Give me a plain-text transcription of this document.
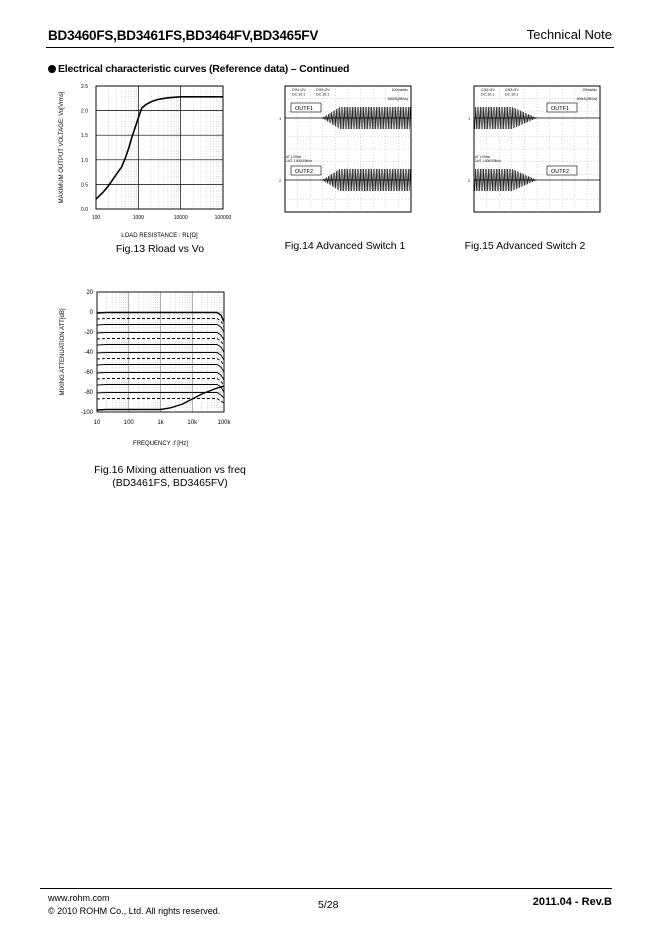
BD3460FS,BD3461FS,BD3464FV,BD3465FV	Technical Note
Electrical characteristic curves (Reference data) – Continued
0.0
0.5
1.0
1.5
2.0
2.5
100	1000	10000	100000
LOAD RESISTANCE : RL[Ω]
MAXIMUM OUTPUT VOLTAGE: Vo[Vrms]
Fig.13 Rload vs Vo
CH1=2V DC 10:1
CH2=2V DC 10:1
100ms/div
500kS(2MS/s)
OUTF1
dT 1.00ms 1/dT 1.000000kHz
OUTF2
1
2
Fig.14 Advanced Switch 1
CH1=2V DC 10:1
CH2=2V DC 10:1
20ms/div
500kS(2MS/s)
OUTF1
dT 1.00ms 1/dT 1.000000kHz
OUTF2
1
2
Fig.15 Advanced Switch 2
20
0
-20
-40
-60
-80
-100
10	100	1k	10k	100k
FREQUENCY :f [Hz]
MIXING ATTENUATION ATT[dB]
Fig.16 Mixing attenuation vs freq
(BD3461FS, BD3465FV)
www.rohm.com
© 2010 ROHM Co., Ltd. All rights reserved.	5/28	2011.04 - Rev.B
